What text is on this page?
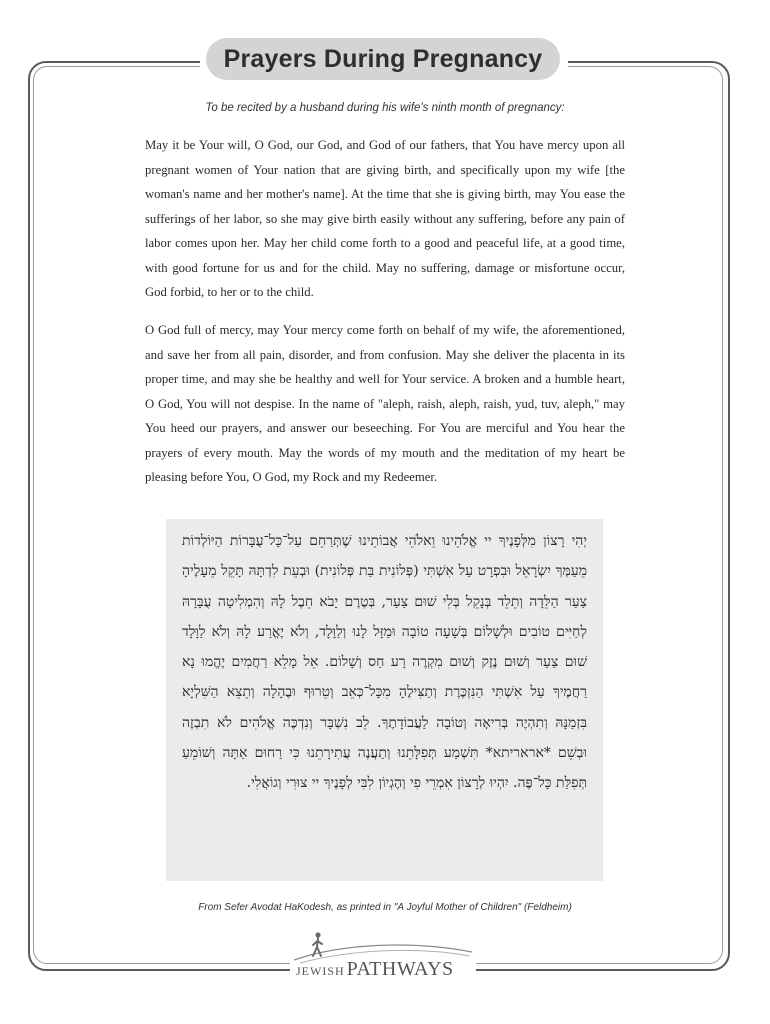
Prayers During Pregnancy
To be recited by a husband during his wife's ninth month of pregnancy:

May it be Your will, O God, our God, and God of our fathers, that You have mercy upon all pregnant women of Your nation that are giving birth, and specifically upon my wife [the woman's name and her mother's name]. At the time that she is giving birth, may You ease the sufferings of her labor, so she may give birth easily without any suffering, before any pain of labor comes upon her. May her child come forth to a good and peaceful life, at a good time, with good fortune for us and for the child. May no suffering, damage or misfortune occur, God forbid, to her or to the child.

O God full of mercy, may Your mercy come forth on behalf of my wife, the aforementioned, and save her from all pain, disorder, and from confusion. May she deliver the placenta in its proper time, and may she be healthy and well for Your service. A broken and a humble heart, O God, You will not despise. In the name of "aleph, raish, aleph, raish, yud, tuv, aleph," may You heed our prayers, and answer our beseeching. For You are merciful and You hear the prayers of every mouth. May the words of my mouth and the meditation of my heart be pleasing before You, O God, my Rock and my Redeemer.

יְהִי רָצוֹן מִלְּפָנֶיךָ יי אֱלֹהֵינוּ וֵאלֹהֵי אֲבוֹתֵינוּ שֶׁתְּרַחֵם עַל־כָּל־עֻבָּרוֹת הַיּוֹלְדוֹת מֵעַמְּךָ יִשְׂרָאֵל וּבִפְרָט עַל אִשְׁתִּי (פְּלוֹנִית בַּת פְּלוֹנִית) וּבְעֵת לִדְתָּהּ תָּקֵל מֵעָלֶיהָ צַעַר הַלֵּדָה וְתֵלֵד בְּנָקֵל בְּלִי שׁוּם צַעַר, בְּטֶרֶם יָבֹא חֵבֶל לָהּ וְהִמְלִיטָה עֻבָּרָהּ לְחַיִּים טוֹבִים וּלְשָׁלוֹם בְּשָׁעָה טוֹבָה וּמַזָּל לָנוּ וְלַוָּלָד, וְלֹא יֶאֱרַע לָהּ וְלֹא לַוָּלָד שׁוּם צַעַר וְשׁוּם נֶזֶק וְשׁוּם מִקְרֶה רָע חַס וְשָׁלוֹם. אֵל מָלֵא רַחֲמִים יֶהֱמוּ נָא רַחֲמֶיךָ עַל אִשְׁתִּי הַנִּזְכֶּרֶת וְתַצִּילֶהָ מִכָּל־כְּאֵב וְטֵרוּף וּבֶהָלָה וְתֵצֵא הַשִּׁלְיָא בִּזְמַנָּהּ וְתִהְיֶה בְּרִיאָה וְטוֹבָה לַעֲבוֹדָתֶךָ. לֵב נִשְׁבָּר וְנִדְכֶּה אֱלֹהִים לֹא תִבְזֶה וּבְשֵׁם *אראריתא* תִּשְׁמַע תְּפִלָּתֵנוּ וְתַעֲנֶה עֲתִירָתֵנוּ כִּי רַחוּם אַתָּה וְשׁוֹמֵעַ תְּפִלַּת כָּל־פֶּה. יִהְיוּ לְרָצוֹן אִמְרֵי פִי וְהֶגְיוֹן לִבִּי לְפָנֶיךָ יי צוּרִי וְגוֹאֲלִי.

From Sefer Avodat HaKodesh, as printed in "A Joyful Mother of Children" (Feldheim)
JEWISH PATHWAYS
